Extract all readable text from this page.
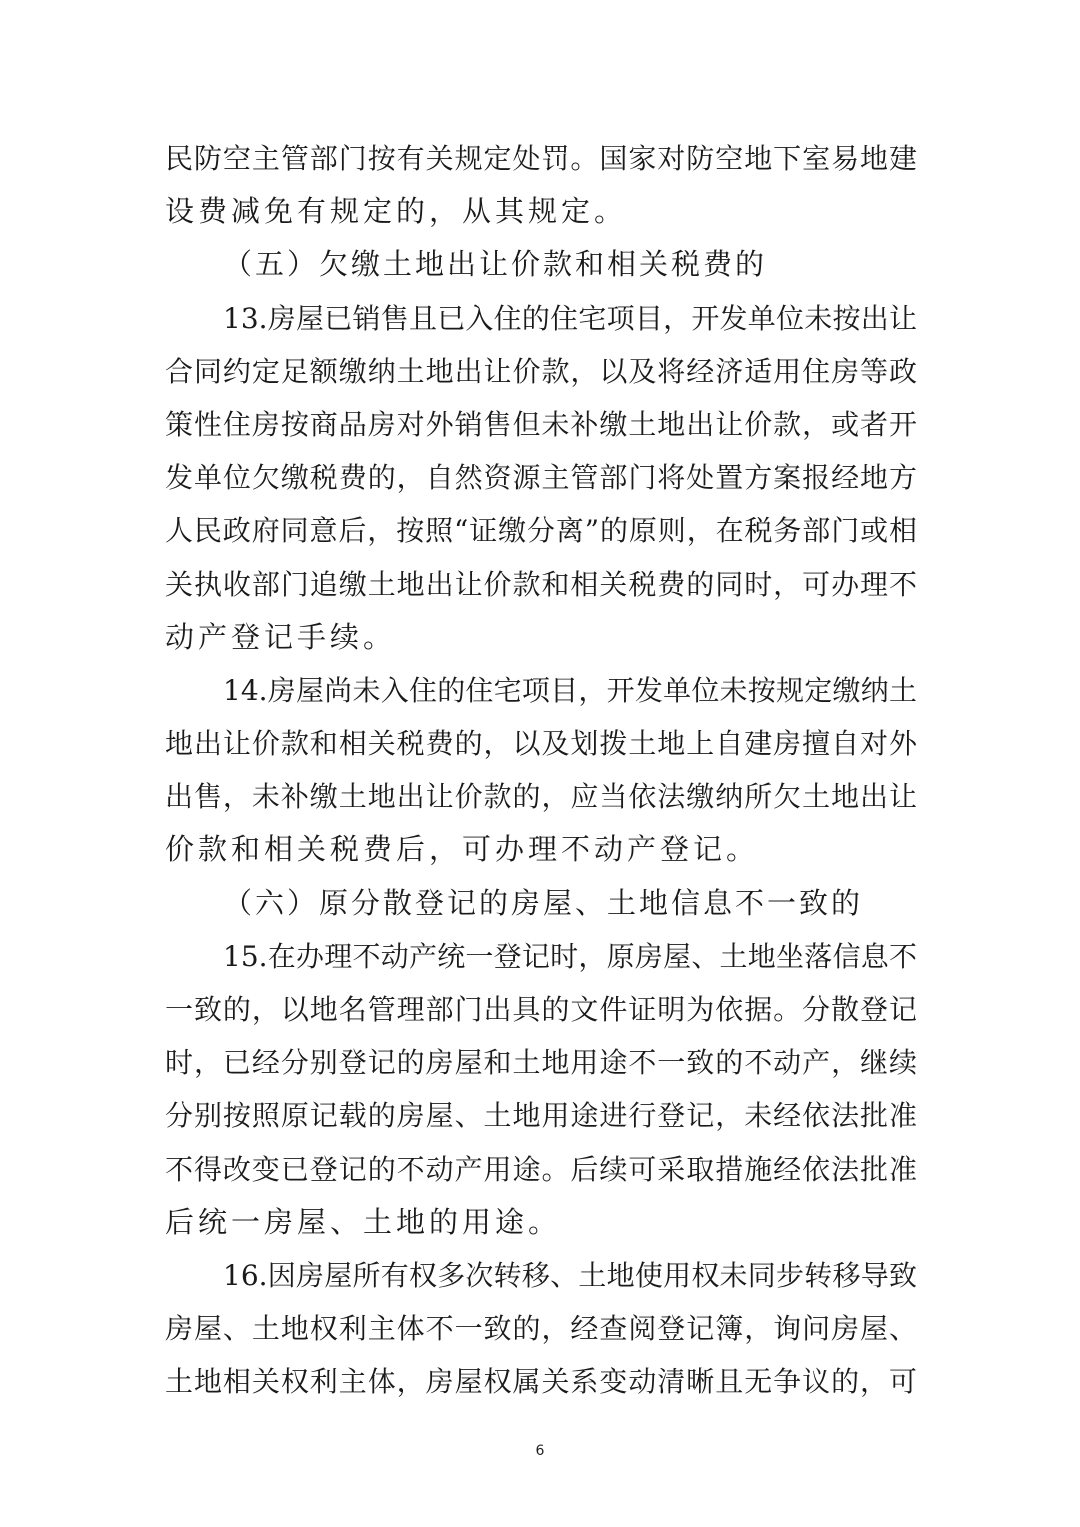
民防空主管部门按有关规定处罚。国家对防空地下室易地建
设费减免有规定的，从其规定。
（五）欠缴土地出让价款和相关税费的
13.房屋已销售且已入住的住宅项目，开发单位未按出让
合同约定足额缴纳土地出让价款，以及将经济适用住房等政
策性住房按商品房对外销售但未补缴土地出让价款，或者开
发单位欠缴税费的，自然资源主管部门将处置方案报经地方
人民政府同意后，按照“证缴分离”的原则，在税务部门或相
关执收部门追缴土地出让价款和相关税费的同时，可办理不
动产登记手续。
14.房屋尚未入住的住宅项目，开发单位未按规定缴纳土
地出让价款和相关税费的，以及划拨土地上自建房擅自对外
出售，未补缴土地出让价款的，应当依法缴纳所欠土地出让
价款和相关税费后，可办理不动产登记。
（六）原分散登记的房屋、土地信息不一致的
15.在办理不动产统一登记时，原房屋、土地坐落信息不
一致的，以地名管理部门出具的文件证明为依据。分散登记
时，已经分别登记的房屋和土地用途不一致的不动产，继续
分别按照原记载的房屋、土地用途进行登记，未经依法批准
不得改变已登记的不动产用途。后续可采取措施经依法批准
后统一房屋、土地的用途。
16.因房屋所有权多次转移、土地使用权未同步转移导致
房屋、土地权利主体不一致的，经查阅登记簿，询问房屋、
土地相关权利主体，房屋权属关系变动清晰且无争议的，可
6
